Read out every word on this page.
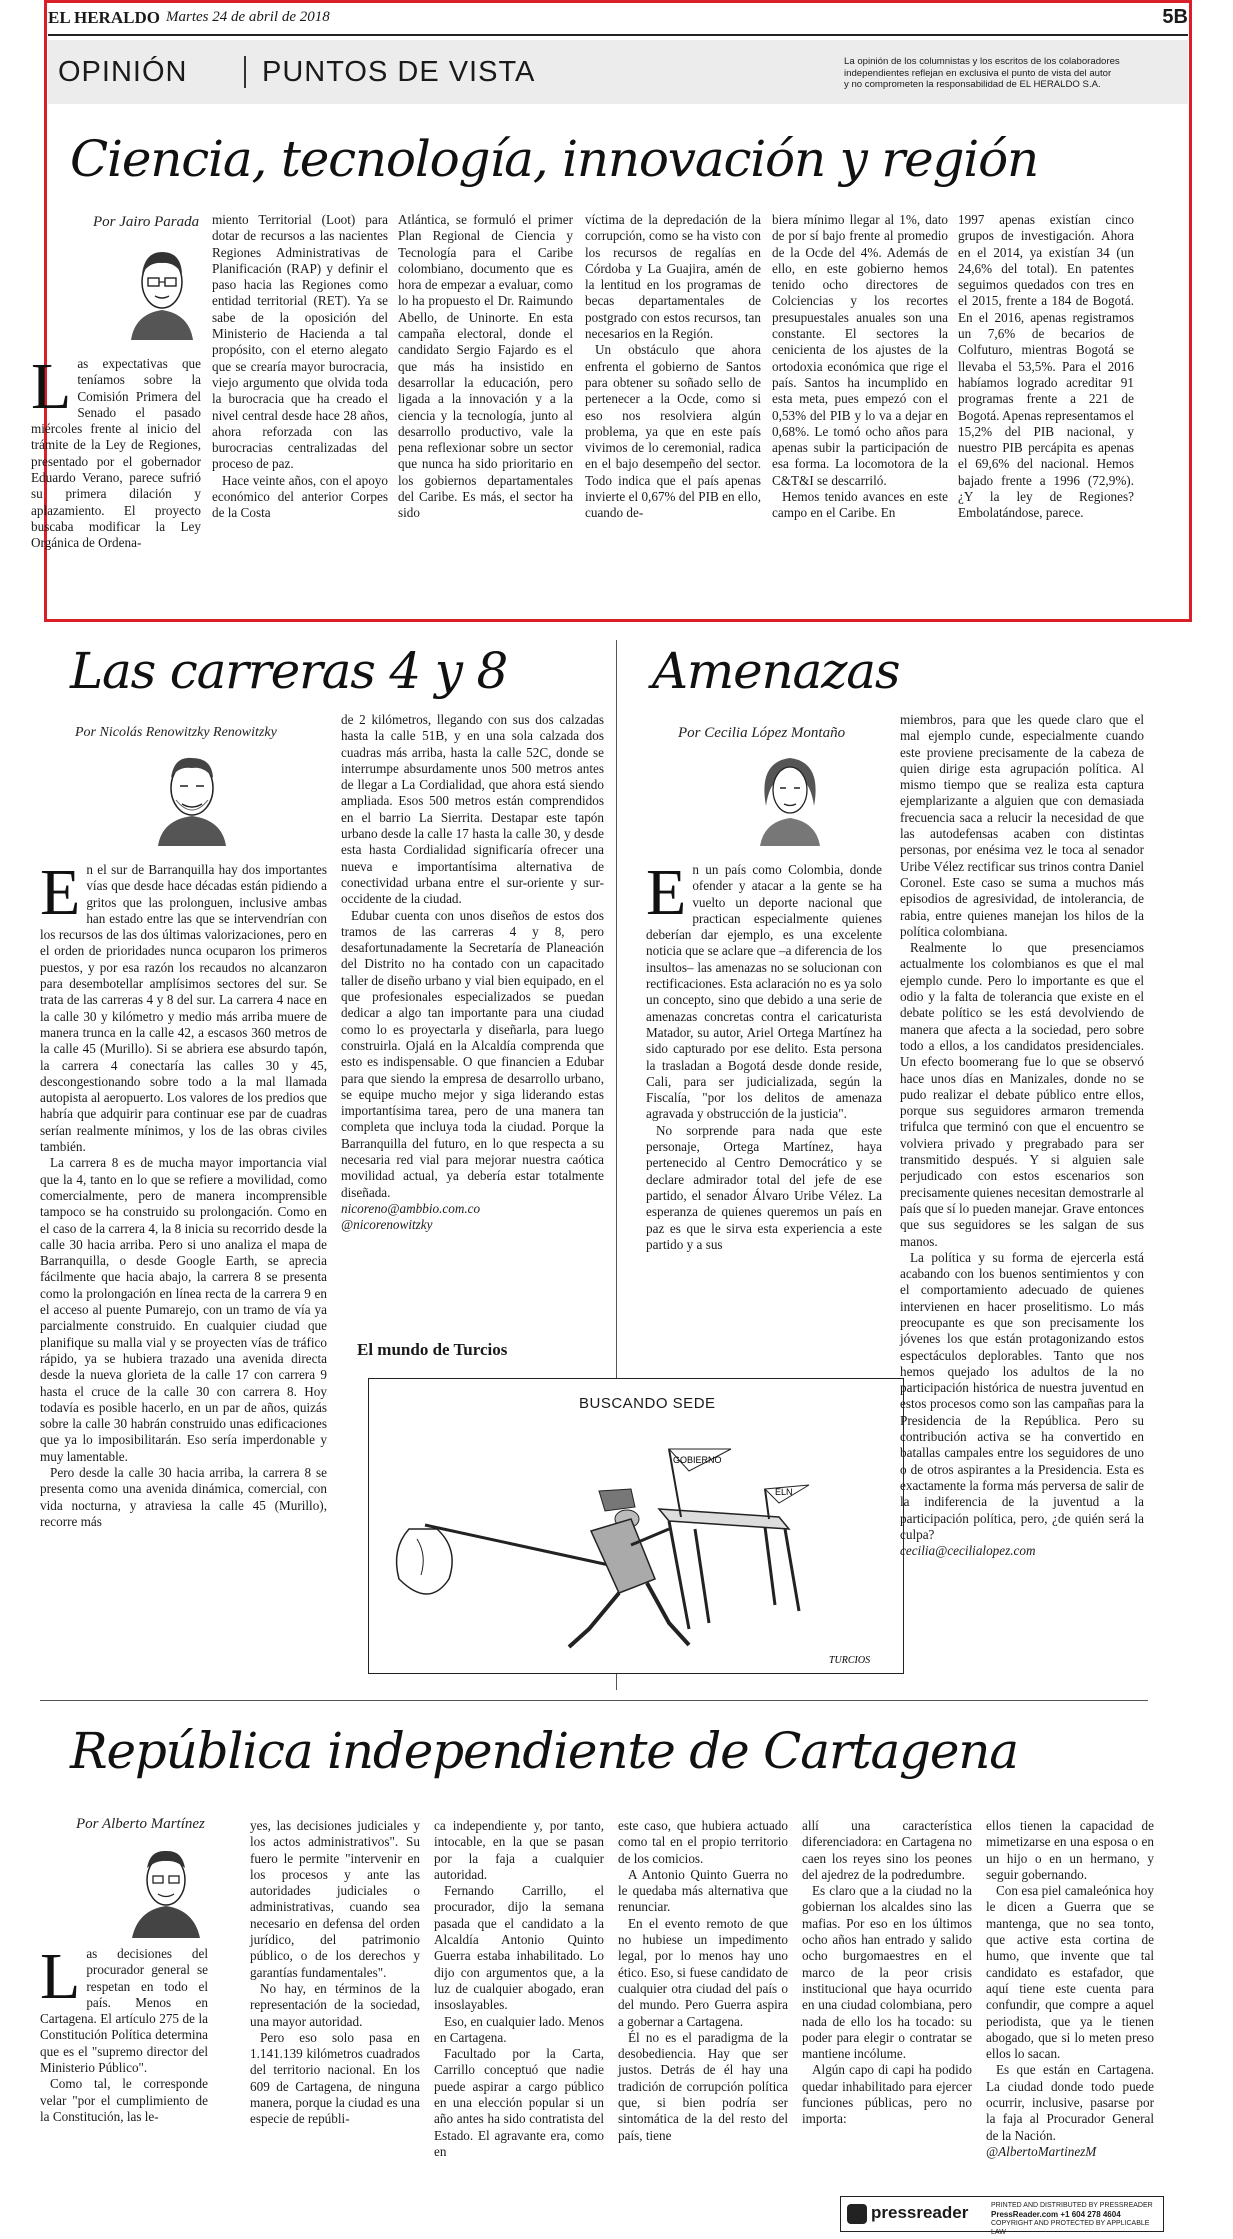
EL HERALDO Martes 24 de abril de 2018	5B
OPINIÓN	PUNTOS DE VISTA	La opinión de los columnistas y los escritos de los colaboradores
independientes reflejan en exclusiva el punto de vista del autor
y no comprometen la responsabilidad de EL HERALDO S.A.
Ciencia, tecnología, innovación y región
Por Jairo Parada

Las expectativas que teníamos sobre la Comisión Primera del Senado el pasado miércoles frente al inicio del trámite de la Ley de Regiones, presentado por el gobernador Eduardo Verano, parece sufrió su primera dilación y aplazamiento. El proyecto buscaba modificar la Ley Orgánica de Ordena-

miento Territorial (Loot) para dotar de recursos a las nacientes Regiones Administrativas de Planificación (RAP) y definir el paso hacia las Regiones como entidad territorial (RET). Ya se sabe de la oposición del Ministerio de Hacienda a tal propósito, con el eterno alegato que se crearía mayor burocracia, viejo argumento que olvida toda la burocracia que ha creado el nivel central desde hace 28 años, ahora reforzada con las burocracias centralizadas del proceso de paz.

Hace veinte años, con el apoyo económico del anterior Corpes de la Costa

Atlántica, se formuló el primer Plan Regional de Ciencia y Tecnología para el Caribe colombiano, documento que es hora de empezar a evaluar, como lo ha propuesto el Dr. Raimundo Abello, de Uninorte. En esta campaña electoral, donde el candidato Sergio Fajardo es el que más ha insistido en desarrollar la educación, pero ligada a la innovación y a la ciencia y la tecnología, junto al desarrollo productivo, vale la pena reflexionar sobre un sector que nunca ha sido prioritario en los gobiernos departamentales del Caribe. Es más, el sector ha sido

víctima de la depredación de la corrupción, como se ha visto con los recursos de regalías en Córdoba y La Guajira, amén de la lentitud en los programas de becas departamentales de postgrado con estos recursos, tan necesarios en la Región.

Un obstáculo que ahora enfrenta el gobierno de Santos para obtener su soñado sello de pertenecer a la Ocde, como si eso nos resolviera algún problema, ya que en este país vivimos de lo ceremonial, radica en el bajo desempeño del sector. Todo indica que el país apenas invierte el 0,67% del PIB en ello, cuando de-

biera mínimo llegar al 1%, dato de por sí bajo frente al promedio de la Ocde del 4%. Además de ello, en este gobierno hemos tenido ocho directores de Colciencias y los recortes presupuestales anuales son una constante. El sectores la cenicienta de los ajustes de la ortodoxia económica que rige el país. Santos ha incumplido en esta meta, pues empezó con el 0,53% del PIB y lo va a dejar en 0,68%. Le tomó ocho años para apenas subir la participación de esa forma. La locomotora de la C&T&I se descarriló.

Hemos tenido avances en este campo en el Caribe. En

1997 apenas existían cinco grupos de investigación. Ahora en el 2014, ya existían 34 (un 24,6% del total). En patentes seguimos quedados con tres en el 2015, frente a 184 de Bogotá. En el 2016, apenas registramos un 7,6% de becarios de Colfuturo, mientras Bogotá se llevaba el 53,5%. Para el 2016 habíamos logrado acreditar 91 programas frente a 221 de Bogotá. Apenas representamos el 15,2% del PIB nacional, y nuestro PIB percápita es apenas el 69,6% del nacional. Hemos bajado frente a 1996 (72,9%). ¿Y la ley de Regiones? Embolatándose, parece.

Las carreras 4 y 8
Por Nicolás Renowitzky Renowitzky

En el sur de Barranquilla hay dos importantes vías que desde hace décadas están pidiendo a gritos que las prolonguen, inclusive ambas han estado entre las que se intervendrían con los recursos de las dos últimas valorizaciones, pero en el orden de prioridades nunca ocuparon los primeros puestos, y por esa razón los recaudos no alcanzaron para desembotellar amplísimos sectores del sur. Se trata de las carreras 4 y 8 del sur. La carrera 4 nace en la calle 30 y kilómetro y medio más arriba muere de manera trunca en la calle 42, a escasos 360 metros de la calle 45 (Murillo). Si se abriera ese absurdo tapón, la carrera 4 conectaría las calles 30 y 45, descongestionando sobre todo a la mal llamada autopista al aeropuerto. Los valores de los predios que habría que adquirir para continuar ese par de cuadras serían realmente mínimos, y los de las obras civiles también.

La carrera 8 es de mucha mayor importancia vial que la 4, tanto en lo que se refiere a movilidad, como comercialmente, pero de manera incomprensible tampoco se ha construido su prolongación. Como en el caso de la carrera 4, la 8 inicia su recorrido desde la calle 30 hacia arriba. Pero si uno analiza el mapa de Barranquilla, o desde Google Earth, se aprecia fácilmente que hacia abajo, la carrera 8 se presenta como la prolongación en línea recta de la carrera 9 en el acceso al puente Pumarejo, con un tramo de vía ya parcialmente construido. En cualquier ciudad que planifique su malla vial y se proyecten vías de tráfico rápido, ya se hubiera trazado una avenida directa desde la nueva glorieta de la calle 17 con carrera 9 hasta el cruce de la calle 30 con carrera 8. Hoy todavía es posible hacerlo, en un par de años, quizás sobre la calle 30 habrán construido unas edificaciones que ya lo imposibilitarán. Eso sería imperdonable y muy lamentable.

Pero desde la calle 30 hacia arriba, la carrera 8 se presenta como una avenida dinámica, comercial, con vida nocturna, y atraviesa la calle 45 (Murillo), recorre más

de 2 kilómetros, llegando con sus dos calzadas hasta la calle 51B, y en una sola calzada dos cuadras más arriba, hasta la calle 52C, donde se interrumpe absurdamente unos 500 metros antes de llegar a La Cordialidad, que ahora está siendo ampliada. Esos 500 metros están comprendidos en el barrio La Sierrita. Destapar este tapón urbano desde la calle 17 hasta la calle 30, y desde esta hasta Cordialidad significaría ofrecer una nueva e importantísima alternativa de conectividad urbana entre el sur-oriente y sur-occidente de la ciudad.

Edubar cuenta con unos diseños de estos dos tramos de las carreras 4 y 8, pero desafortunadamente la Secretaría de Planeación del Distrito no ha contado con un capacitado taller de diseño urbano y vial bien equipado, en el que profesionales especializados se puedan dedicar a algo tan importante para una ciudad como lo es proyectarla y diseñarla, para luego construirla. Ojalá en la Alcaldía comprenda que esto es indispensable. O que financien a Edubar para que siendo la empresa de desarrollo urbano, se equipe mucho mejor y siga liderando estas importantísima tarea, pero de una manera tan completa que incluya toda la ciudad. Porque la Barranquilla del futuro, en lo que respecta a su necesaria red vial para mejorar nuestra caótica movilidad actual, ya debería estar totalmente diseñada.

nicoreno@ambbio.com.co

@nicorenowitzky

El mundo de Turcios
BUSCANDO SEDE
GOBIERNO
ELN
TURCIOS
Amenazas
Por Cecilia López Montaño

En un país como Colombia, donde ofender y atacar a la gente se ha vuelto un deporte nacional que practican especialmente quienes deberían dar ejemplo, es una excelente noticia que se aclare que –a diferencia de los insultos– las amenazas no se solucionan con rectificaciones. Esta aclaración no es ya solo un concepto, sino que debido a una serie de amenazas concretas contra el caricaturista Matador, su autor, Ariel Ortega Martínez ha sido capturado por ese delito. Esta persona la trasladan a Bogotá desde donde reside, Cali, para ser judicializada, según la Fiscalía, "por los delitos de amenaza agravada y obstrucción de la justicia".

No sorprende para nada que este personaje, Ortega Martínez, haya pertenecido al Centro Democrático y se declare admirador total del jefe de ese partido, el senador Álvaro Uribe Vélez. La esperanza de quienes queremos un país en paz es que le sirva esta experiencia a este partido y a sus

miembros, para que les quede claro que el mal ejemplo cunde, especialmente cuando este proviene precisamente de la cabeza de quien dirige esta agrupación política. Al mismo tiempo que se realiza esta captura ejemplarizante a alguien que con demasiada frecuencia saca a relucir la necesidad de que las autodefensas acaben con distintas personas, por enésima vez le toca al senador Uribe Vélez rectificar sus trinos contra Daniel Coronel. Este caso se suma a muchos más episodios de agresividad, de intolerancia, de rabia, entre quienes manejan los hilos de la política colombiana.

Realmente lo que presenciamos actualmente los colombianos es que el mal ejemplo cunde. Pero lo importante es que el odio y la falta de tolerancia que existe en el debate político se les está devolviendo de manera que afecta a la sociedad, pero sobre todo a ellos, a los candidatos presidenciales. Un efecto boomerang fue lo que se observó hace unos días en Manizales, donde no se pudo realizar el debate público entre ellos, porque sus seguidores armaron tremenda trifulca que terminó con que el encuentro se volviera privado y pregrabado para ser transmitido después. Y si alguien sale perjudicado con estos escenarios son precisamente quienes necesitan demostrarle al país que sí lo pueden manejar. Grave entonces que sus seguidores se les salgan de sus manos.

La política y su forma de ejercerla está acabando con los buenos sentimientos y con el comportamiento adecuado de quienes intervienen en hacer proselitismo. Lo más preocupante es que son precisamente los jóvenes los que están protagonizando estos espectáculos deplorables. Tanto que nos hemos quejado los adultos de la no participación histórica de nuestra juventud en estos procesos como son las campañas para la Presidencia de la República. Pero su contribución activa se ha convertido en batallas campales entre los seguidores de uno o de otros aspirantes a la Presidencia. Esta es exactamente la forma más perversa de salir de la indiferencia de la juventud a la participación política, pero, ¿de quién será la culpa?

cecilia@cecilialopez.com

República independiente de Cartagena
Por Alberto Martínez

Las decisiones del procurador general se respetan en todo el país. Menos en Cartagena. El artículo 275 de la Constitución Política determina que es el "supremo director del Ministerio Público".

Como tal, le corresponde velar "por el cumplimiento de la Constitución, las le-

yes, las decisiones judiciales y los actos administrativos". Su fuero le permite "intervenir en los procesos y ante las autoridades judiciales o administrativas, cuando sea necesario en defensa del orden jurídico, del patrimonio público, o de los derechos y garantías fundamentales".

No hay, en términos de la representación de la sociedad, una mayor autoridad.

Pero eso solo pasa en 1.141.139 kilómetros cuadrados del territorio nacional. En los 609 de Cartagena, de ninguna manera, porque la ciudad es una especie de repúbli-

ca independiente y, por tanto, intocable, en la que se pasan por la faja a cualquier autoridad.

Fernando Carrillo, el procurador, dijo la semana pasada que el candidato a la Alcaldía Antonio Quinto Guerra estaba inhabilitado. Lo dijo con argumentos que, a la luz de cualquier abogado, eran insoslayables.

Eso, en cualquier lado. Menos en Cartagena.

Facultado por la Carta, Carrillo conceptuó que nadie puede aspirar a cargo público en una elección popular si un año antes ha sido contratista del Estado. El agravante era, como en

este caso, que hubiera actuado como tal en el propio territorio de los comicios.

A Antonio Quinto Guerra no le quedaba más alternativa que renunciar.

En el evento remoto de que no hubiese un impedimento legal, por lo menos hay uno ético. Eso, si fuese candidato de cualquier otra ciudad del país o del mundo. Pero Guerra aspira a gobernar a Cartagena.

Él no es el paradigma de la desobediencia. Hay que ser justos. Detrás de él hay una tradición de corrupción política que, si bien podría ser sintomática de la del resto del país, tiene

allí una característica diferenciadora: en Cartagena no caen los reyes sino los peones del ajedrez de la podredumbre.

Es claro que a la ciudad no la gobiernan los alcaldes sino las mafias. Por eso en los últimos ocho años han entrado y salido ocho burgomaestres en el marco de la peor crisis institucional que haya ocurrido en una ciudad colombiana, pero nada de ello los ha tocado: su poder para elegir o contratar se mantiene incólume.

Algún capo di capi ha podido quedar inhabilitado para ejercer funciones públicas, pero no importa:

ellos tienen la capacidad de mimetizarse en una esposa o en un hijo o en un hermano, y seguir gobernando.

Con esa piel camaleónica hoy le dicen a Guerra que se mantenga, que no sea tonto, que active esta cortina de humo, que invente que tal candidato es estafador, que aquí tiene este cuenta para confundir, que compre a aquel periodista, que ya le tienen abogado, que si lo meten preso ellos lo sacan.

Es que están en Cartagena. La ciudad donde todo puede ocurrir, inclusive, pasarse por la faja al Procurador General de la Nación.

@AlbertoMartinezM

pressreader	PRINTED AND DISTRIBUTED BY PRESSREADER
PressReader.com +1 604 278 4604
COPYRIGHT AND PROTECTED BY APPLICABLE LAW
